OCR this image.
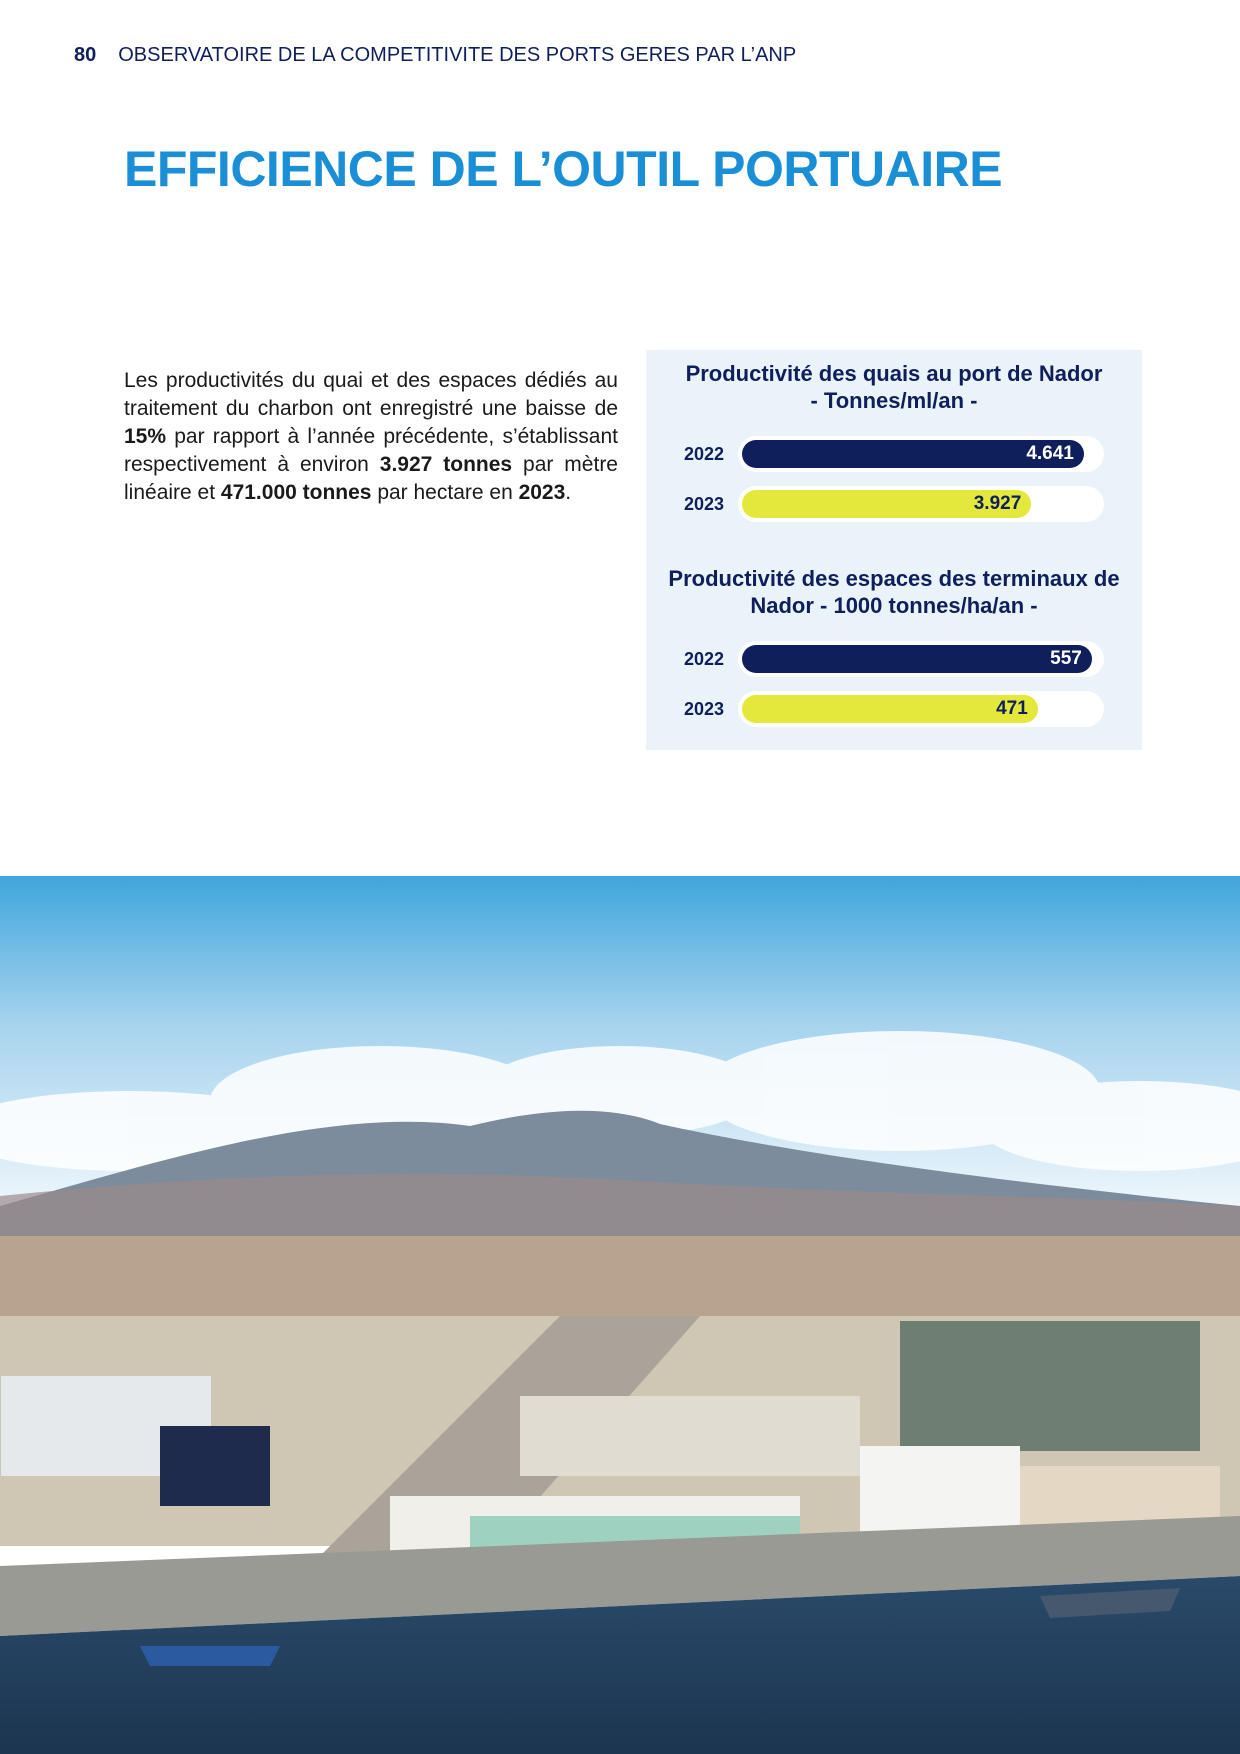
80 OBSERVATOIRE DE LA COMPETITIVITE DES PORTS GERES PAR L’ANP
EFFICIENCE DE L’OUTIL PORTUAIRE

Les productivités du quai et des espaces dédiés au traitement du charbon ont enregistré une baisse de 15% par rapport à l’année précédente, s’établissant respectivement à environ 3.927 tonnes par mètre linéaire et 471.000 tonnes par hectare en 2023.

Productivité des quais au port de Nador
- Tonnes/ml/an -
2022	4.641
2023	3.927
Productivité des espaces des terminaux de
Nador - 1000 tonnes/ha/an -
2022	557
2023	471
